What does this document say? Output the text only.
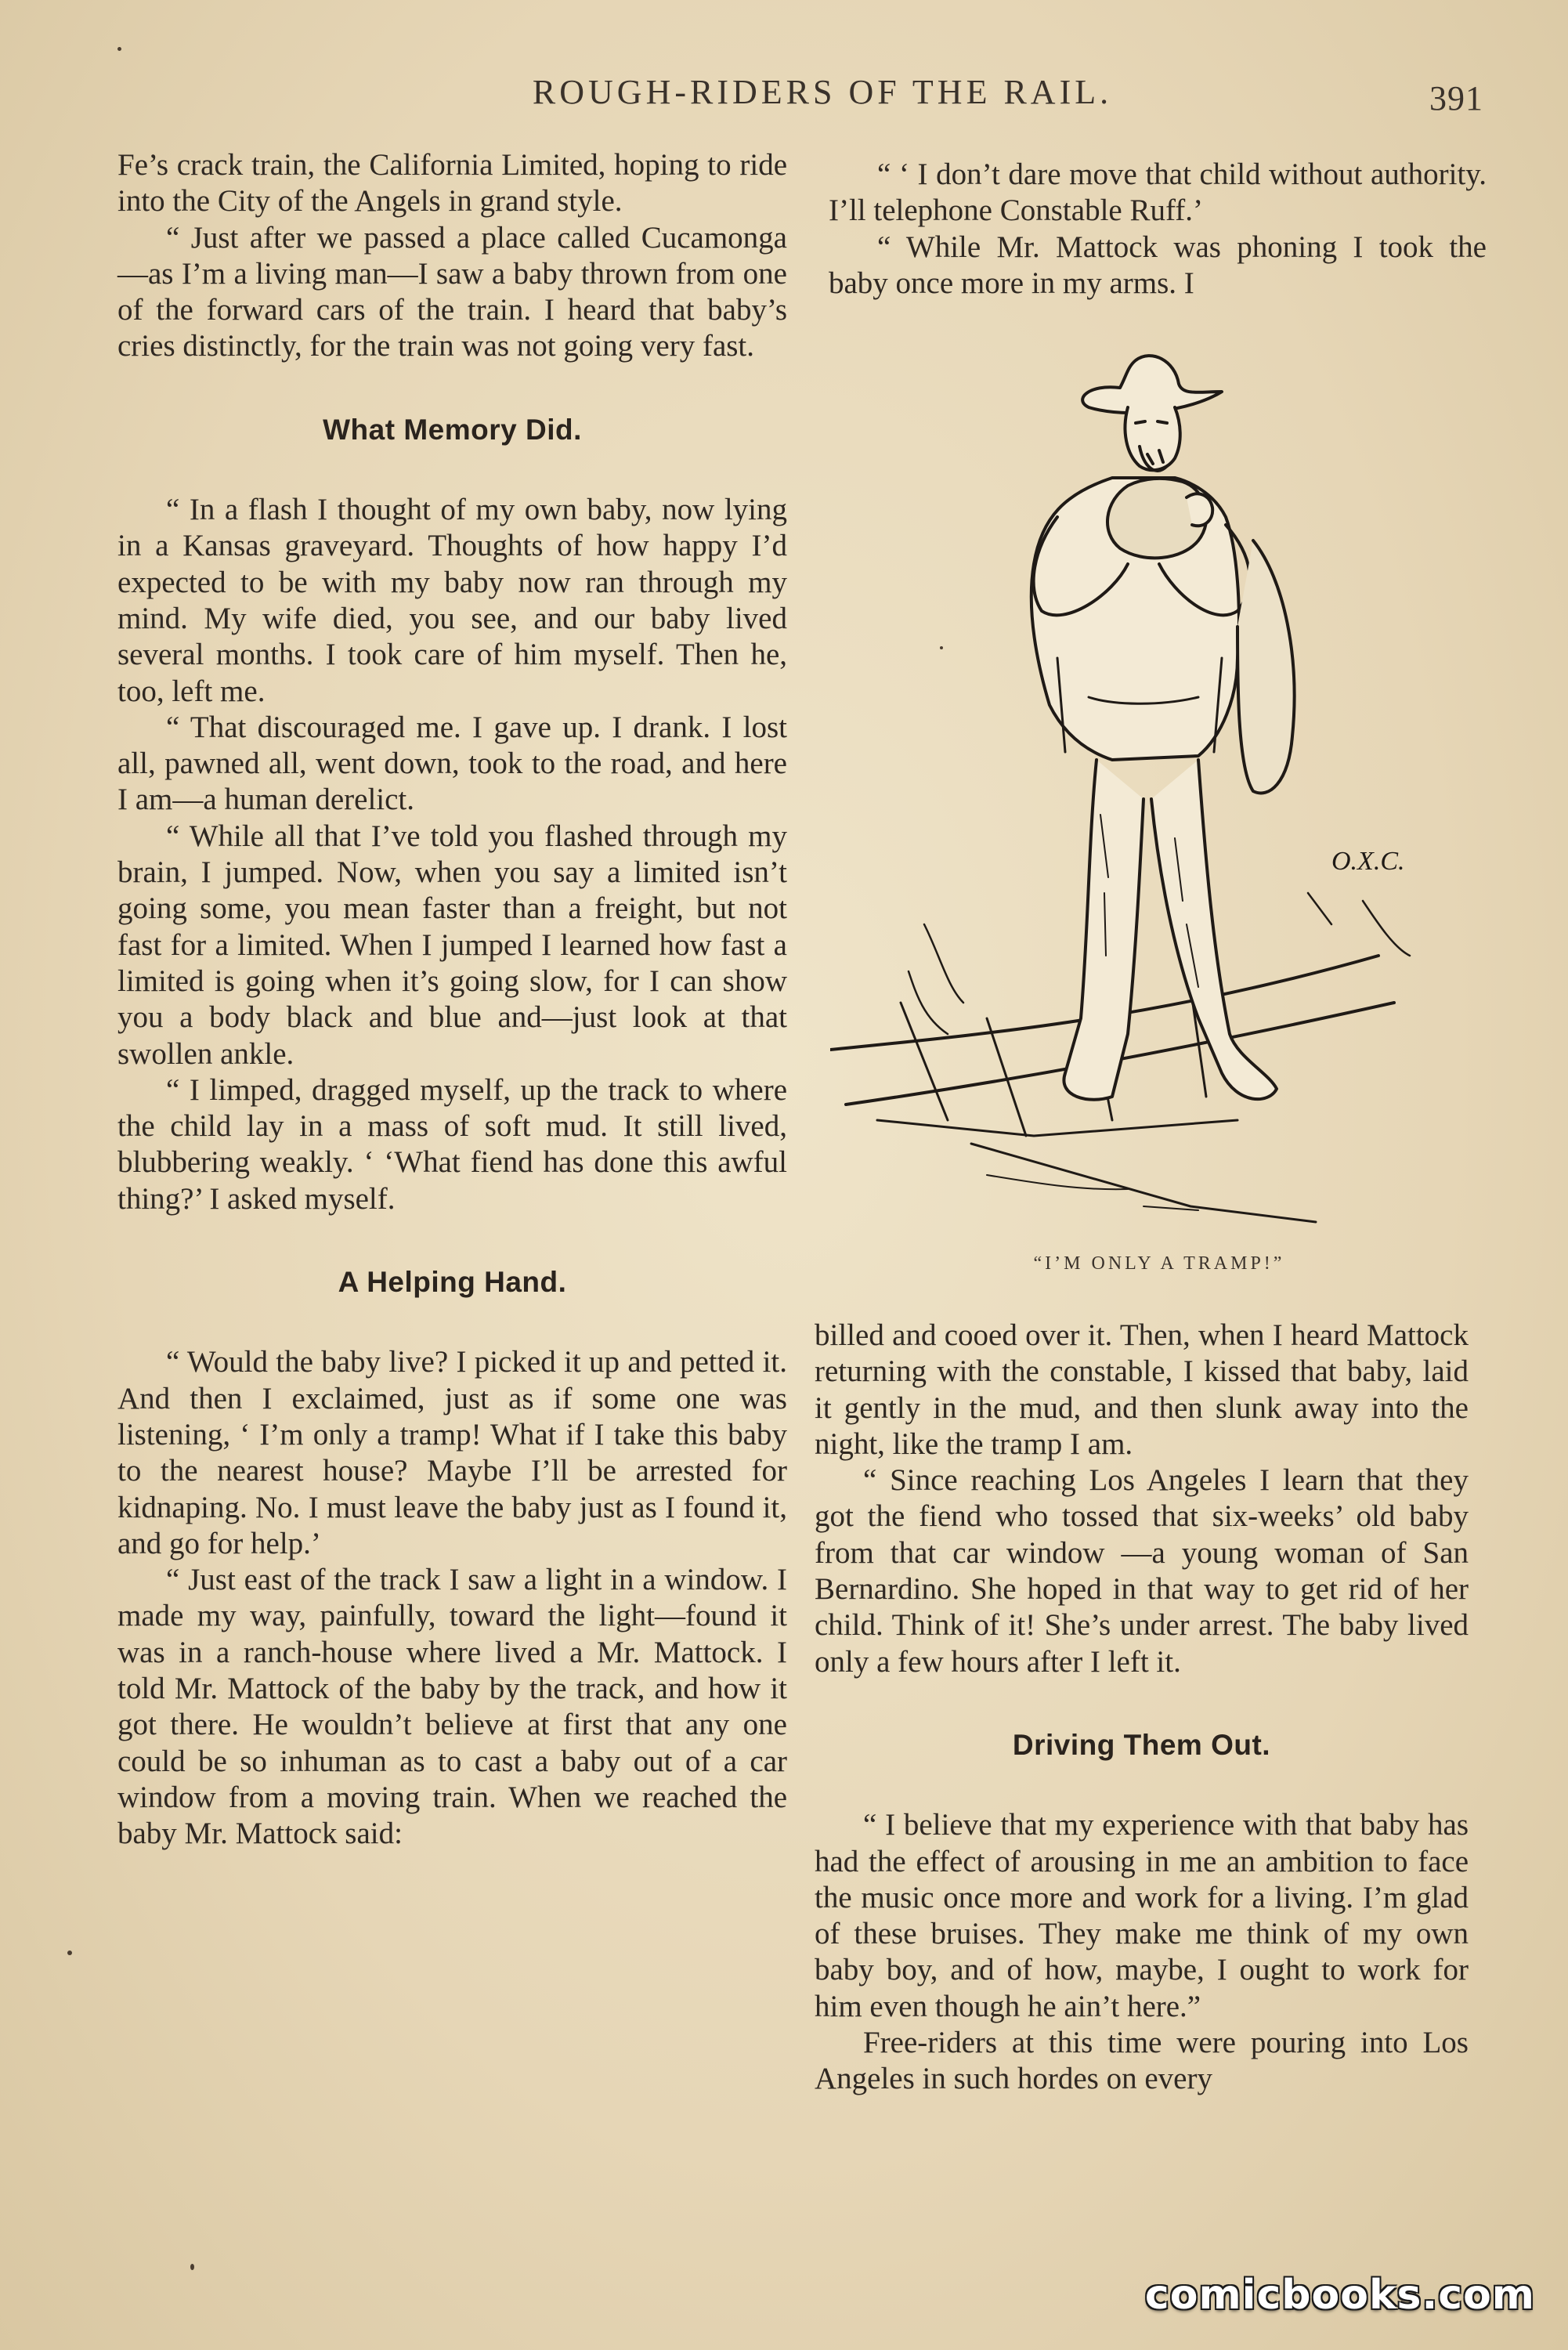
ROUGH-RIDERS OF THE RAIL.	391

Fe’s crack train, the California Limited, hoping to ride into the City of the Angels in grand style.

“ Just after we passed a place called Cucamonga—as I’m a living man—I saw a baby thrown from one of the forward cars of the train. I heard that baby’s cries distinctly, for the train was not going very fast.

What Memory Did.

“ In a flash I thought of my own baby, now lying in a Kansas graveyard. Thoughts of how happy I’d expected to be with my baby now ran through my mind. My wife died, you see, and our baby lived several months. I took care of him myself. Then he, too, left me.

“ That discouraged me. I gave up. I drank. I lost all, pawned all, went down, took to the road, and here I am—a human derelict.

“ While all that I’ve told you flashed through my brain, I jumped. Now, when you say a limited isn’t going some, you mean faster than a freight, but not fast for a limited. When I jumped I learned how fast a limited is going when it’s going slow, for I can show you a body black and blue and—just look at that swollen ankle.

“ I limped, dragged myself, up the track to where the child lay in a mass of soft mud. It still lived, blubbering weakly. ‘ ‘What fiend has done this awful thing?’ I asked myself.

A Helping Hand.

“ Would the baby live? I picked it up and petted it. And then I exclaimed, just as if some one was listening, ‘ I’m only a tramp! What if I take this baby to the nearest house? Maybe I’ll be arrested for kidnaping. No. I must leave the baby just as I found it, and go for help.’

“ Just east of the track I saw a light in a window. I made my way, painfully, toward the light—found it was in a ranch-house where lived a Mr. Mattock. I told Mr. Mattock of the baby by the track, and how it got there. He wouldn’t believe at first that any one could be so inhuman as to cast a baby out of a car window from a moving train. When we reached the baby Mr. Mattock said:

“ ‘ I don’t dare move that child without authority. I’ll telephone Constable Ruff.’

“ While Mr. Mattock was phoning I took the baby once more in my arms. I

O.X.C.
“I’M ONLY A TRAMP!”

billed and cooed over it. Then, when I heard Mattock returning with the constable, I kissed that baby, laid it gently in the mud, and then slunk away into the night, like the tramp I am.

“ Since reaching Los Angeles I learn that they got the fiend who tossed that six-weeks’ old baby from that car window —a young woman of San Bernardino. She hoped in that way to get rid of her child. Think of it! She’s under arrest. The baby lived only a few hours after I left it.

Driving Them Out.

“ I believe that my experience with that baby has had the effect of arousing in me an ambition to face the music once more and work for a living. I’m glad of these bruises. They make me think of my own baby boy, and of how, maybe, I ought to work for him even though he ain’t here.”

Free-riders at this time were pouring into Los Angeles in such hordes on every

comicbooks.com
